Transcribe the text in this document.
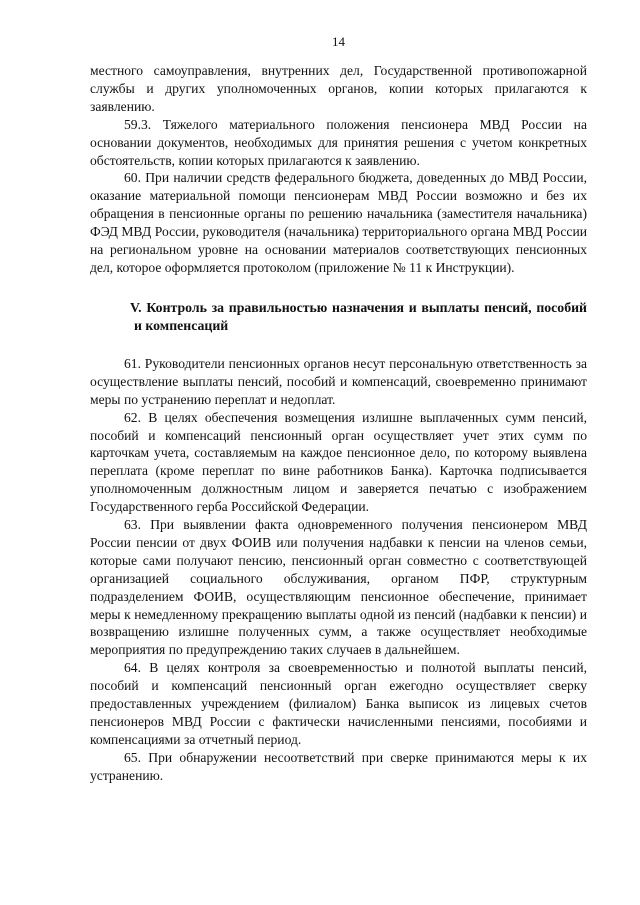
14

местного самоуправления, внутренних дел, Государственной противопожарной службы и других уполномоченных органов, копии которых прилагаются к заявлению.

59.3. Тяжелого материального положения пенсионера МВД России на основании документов, необходимых для принятия решения с учетом конкретных обстоятельств, копии которых прилагаются к заявлению.

60. При наличии средств федерального бюджета, доведенных до МВД России, оказание материальной помощи пенсионерам МВД России возможно и без их обращения в пенсионные органы по решению начальника (заместителя начальника) ФЭД МВД России, руководителя (начальника) территориального органа МВД России на региональном уровне на основании материалов соответствующих пенсионных дел, которое оформляется протоколом (приложение № 11 к Инструкции).

V. Контроль за правильностью назначения и выплаты пенсий, пособий и компенсаций

61. Руководители пенсионных органов несут персональную ответственность за осуществление выплаты пенсий, пособий и компенсаций, своевременно принимают меры по устранению переплат и недоплат.

62. В целях обеспечения возмещения излишне выплаченных сумм пенсий, пособий и компенсаций пенсионный орган осуществляет учет этих сумм по карточкам учета, составляемым на каждое пенсионное дело, по которому выявлена переплата (кроме переплат по вине работников Банка). Карточка подписывается уполномоченным должностным лицом и заверяется печатью с изображением Государственного герба Российской Федерации.

63. При выявлении факта одновременного получения пенсионером МВД России пенсии от двух ФОИВ или получения надбавки к пенсии на членов семьи, которые сами получают пенсию, пенсионный орган совместно с соответствующей организацией социального обслуживания, органом ПФР, структурным подразделением ФОИВ, осуществляющим пенсионное обеспечение, принимает меры к немедленному прекращению выплаты одной из пенсий (надбавки к пенсии) и возвращению излишне полученных сумм, а также осуществляет необходимые мероприятия по предупреждению таких случаев в дальнейшем.

64. В целях контроля за своевременностью и полнотой выплаты пенсий, пособий и компенсаций пенсионный орган ежегодно осуществляет сверку предоставленных учреждением (филиалом) Банка выписок из лицевых счетов пенсионеров МВД России с фактически начисленными пенсиями, пособиями и компенсациями за отчетный период.

65. При обнаружении несоответствий при сверке принимаются меры к их устранению.
